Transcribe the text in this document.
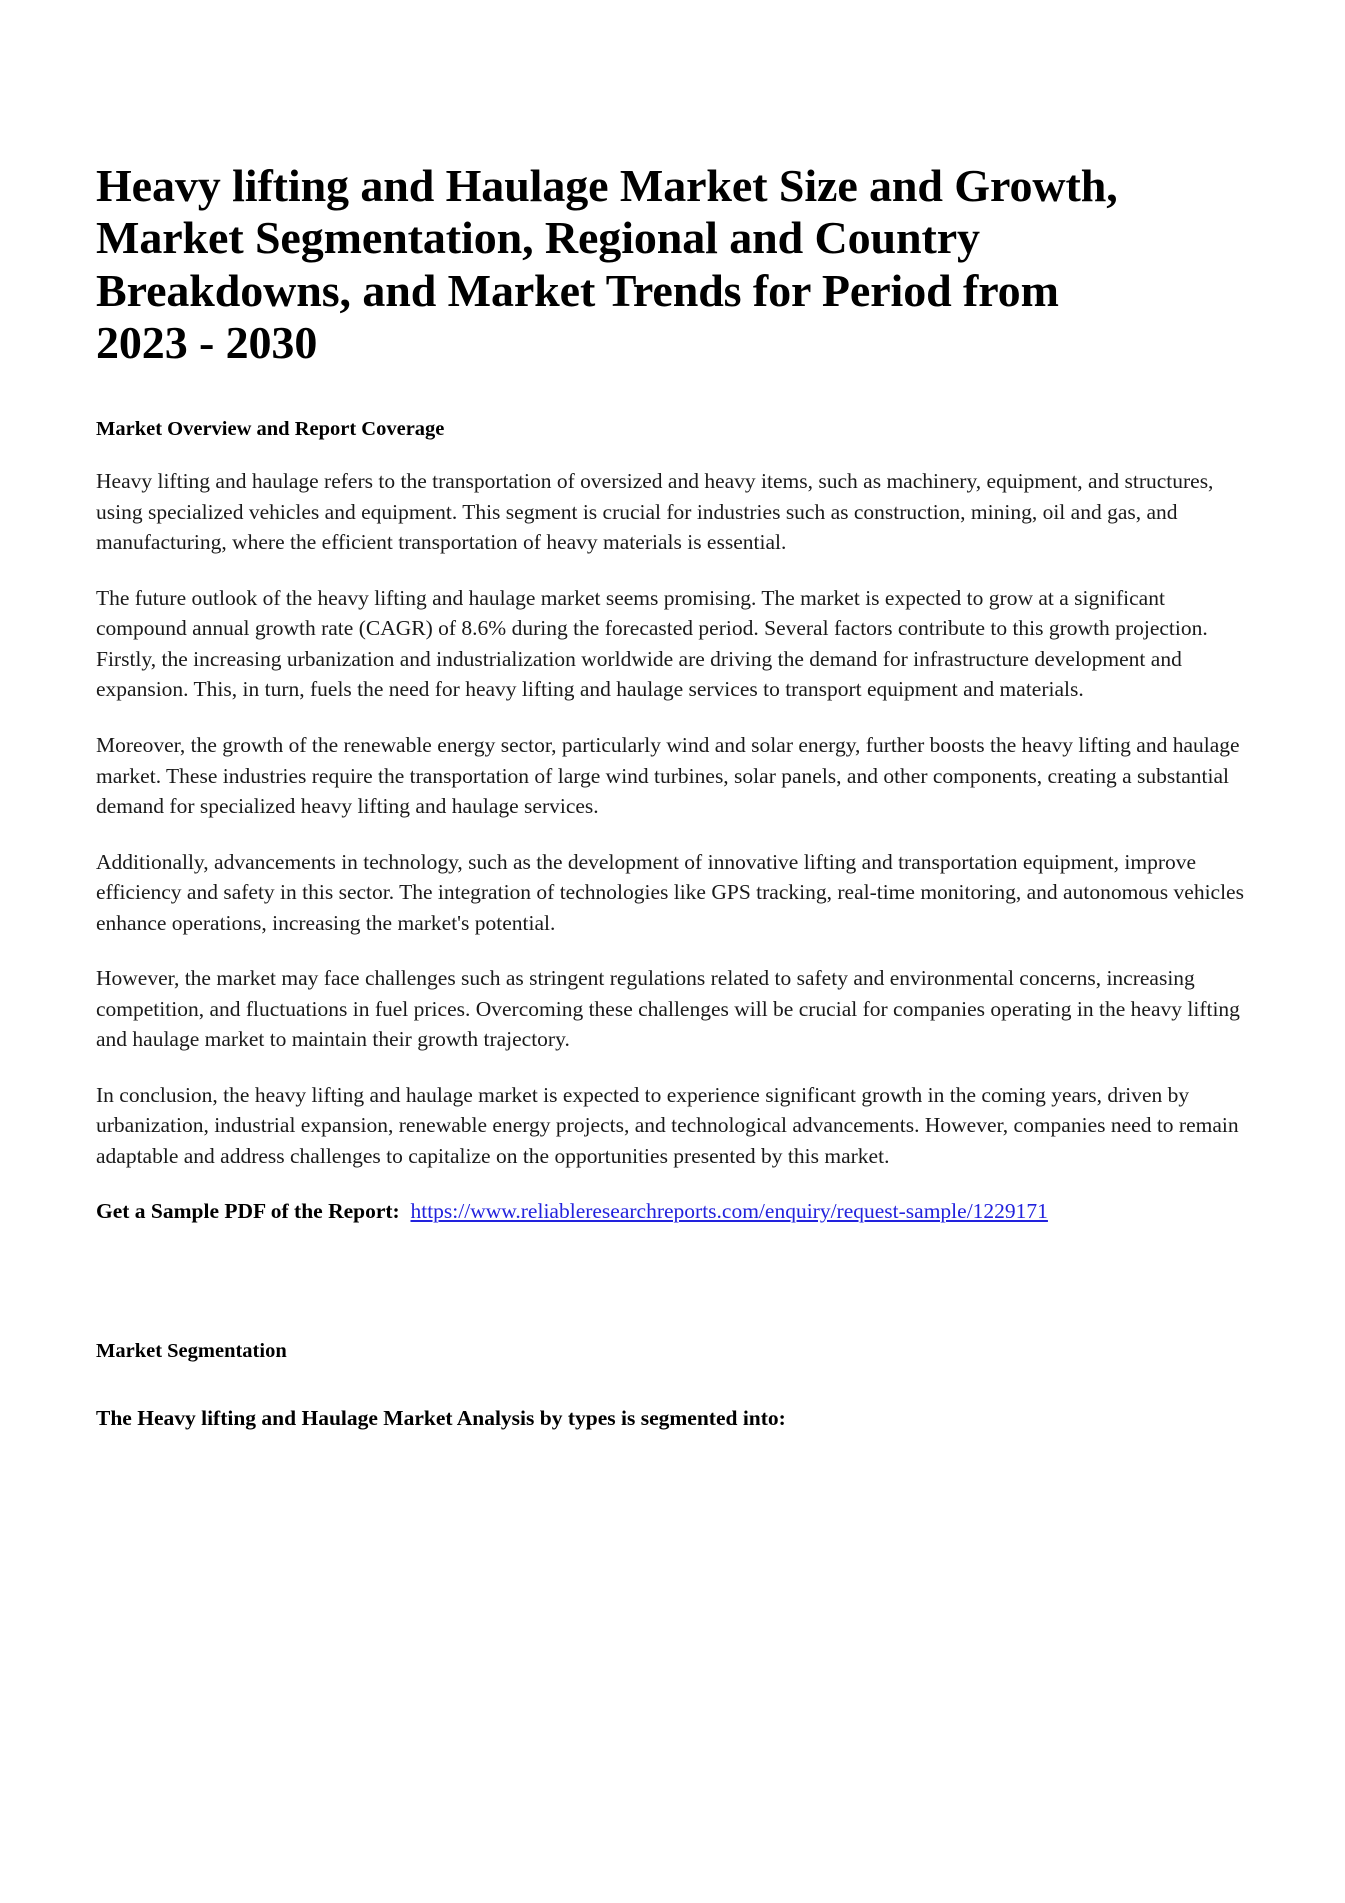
Heavy lifting and Haulage Market Size and Growth, Market Segmentation, Regional and Country Breakdowns, and Market Trends for Period from 2023 - 2030
Market Overview and Report Coverage

Heavy lifting and haulage refers to the transportation of oversized and heavy items, such as machinery, equipment, and structures, using specialized vehicles and equipment. This segment is crucial for industries such as construction, mining, oil and gas, and manufacturing, where the efficient transportation of heavy materials is essential.

The future outlook of the heavy lifting and haulage market seems promising. The market is expected to grow at a significant compound annual growth rate (CAGR) of 8.6% during the forecasted period. Several factors contribute to this growth projection. Firstly, the increasing urbanization and industrialization worldwide are driving the demand for infrastructure development and expansion. This, in turn, fuels the need for heavy lifting and haulage services to transport equipment and materials.

Moreover, the growth of the renewable energy sector, particularly wind and solar energy, further boosts the heavy lifting and haulage market. These industries require the transportation of large wind turbines, solar panels, and other components, creating a substantial demand for specialized heavy lifting and haulage services.

Additionally, advancements in technology, such as the development of innovative lifting and transportation equipment, improve efficiency and safety in this sector. The integration of technologies like GPS tracking, real-time monitoring, and autonomous vehicles enhance operations, increasing the market's potential.

However, the market may face challenges such as stringent regulations related to safety and environmental concerns, increasing competition, and fluctuations in fuel prices. Overcoming these challenges will be crucial for companies operating in the heavy lifting and haulage market to maintain their growth trajectory.

In conclusion, the heavy lifting and haulage market is expected to experience significant growth in the coming years, driven by urbanization, industrial expansion, renewable energy projects, and technological advancements. However, companies need to remain adaptable and address challenges to capitalize on the opportunities presented by this market.

Get a Sample PDF of the Report: https://www.reliableresearchreports.com/enquiry/request-sample/1229171
Market Segmentation

The Heavy lifting and Haulage Market Analysis by types is segmented into:
